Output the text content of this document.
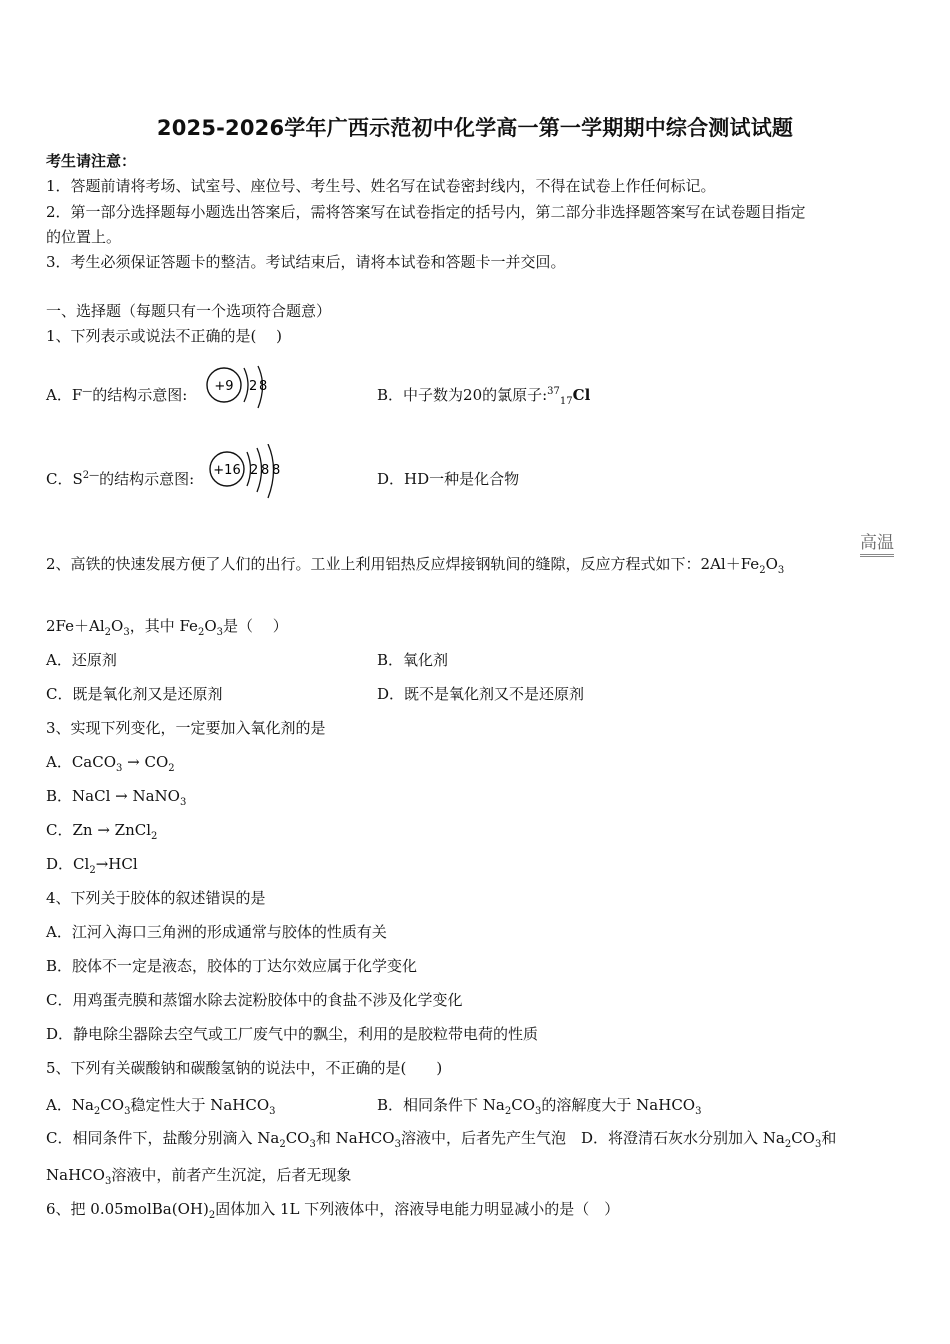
2025-2026学年广西示范初中化学高一第一学期期中综合测试试题
考生请注意：
1．答题前请将考场、试室号、座位号、考生号、姓名写在试卷密封线内，不得在试卷上作任何标记。
2．第一部分选择题每小题选出答案后，需将答案写在试卷指定的括号内，第二部分非选择题答案写在试卷题目指定
的位置上。
3．考生必须保证答题卡的整洁。考试结束后，请将本试卷和答题卡一并交回。
一、选择题（每题只有一个选项符合题意）
1、下列表示或说法不正确的是(　 )
A．F—的结构示意图: +9 2 8	B．中子数为20的氯原子:$^{37}_{17}$Cl
C．$S^{2—}$的结构示意图: +16 2 8 8	D．HD一种是化合物
高温
2、高铁的快速发展方便了人们的出行。工业上利用铝热反应焊接钢轨间的缝隙，反应方程式如下：$2Al+Fe_2O_3$
$2Fe+Al_2O_3$，其中 $Fe_2O_3$是（　 ）
A．还原剂	B．氧化剂
C．既是氧化剂又是还原剂	D．既不是氧化剂又不是还原剂
3、实现下列变化，一定要加入氧化剂的是
A．CaCO$_3$ → $CO_2$
B．NaCl → NaNO$_3$
C．Zn → ZnCl$_2$
D．$Cl_2\to HCl$
4、下列关于胶体的叙述错误的是
A．江河入海口三角洲的形成通常与胶体的性质有关
B．胶体不一定是液态，胶体的丁达尔效应属于化学变化
C．用鸡蛋壳膜和蒸馏水除去淀粉胶体中的食盐不涉及化学变化
D．静电除尘器除去空气或工厂废气中的飘尘，利用的是胶粒带电荷的性质
5、下列有关碳酸钠和碳酸氢钠的说法中，不正确的是(　　)
A．$Na_2CO_3$稳定性大于 NaHCO$_3$	B．相同条件下 $Na_2CO_3$的溶解度大于 NaHCO$_3$
C．相同条件下，盐酸分别滴入 $Na_2CO_3$和 NaHCO$_3$溶液中，后者先产生气泡　D．将澄清石灰水分别加入 $Na_2CO_3$和
NaHCO$_3$溶液中，前者产生沉淀，后者无现象
6、把 $0.05molBa(OH)_2$固体加入 1L 下列液体中，溶液导电能力明显减小的是（　）
